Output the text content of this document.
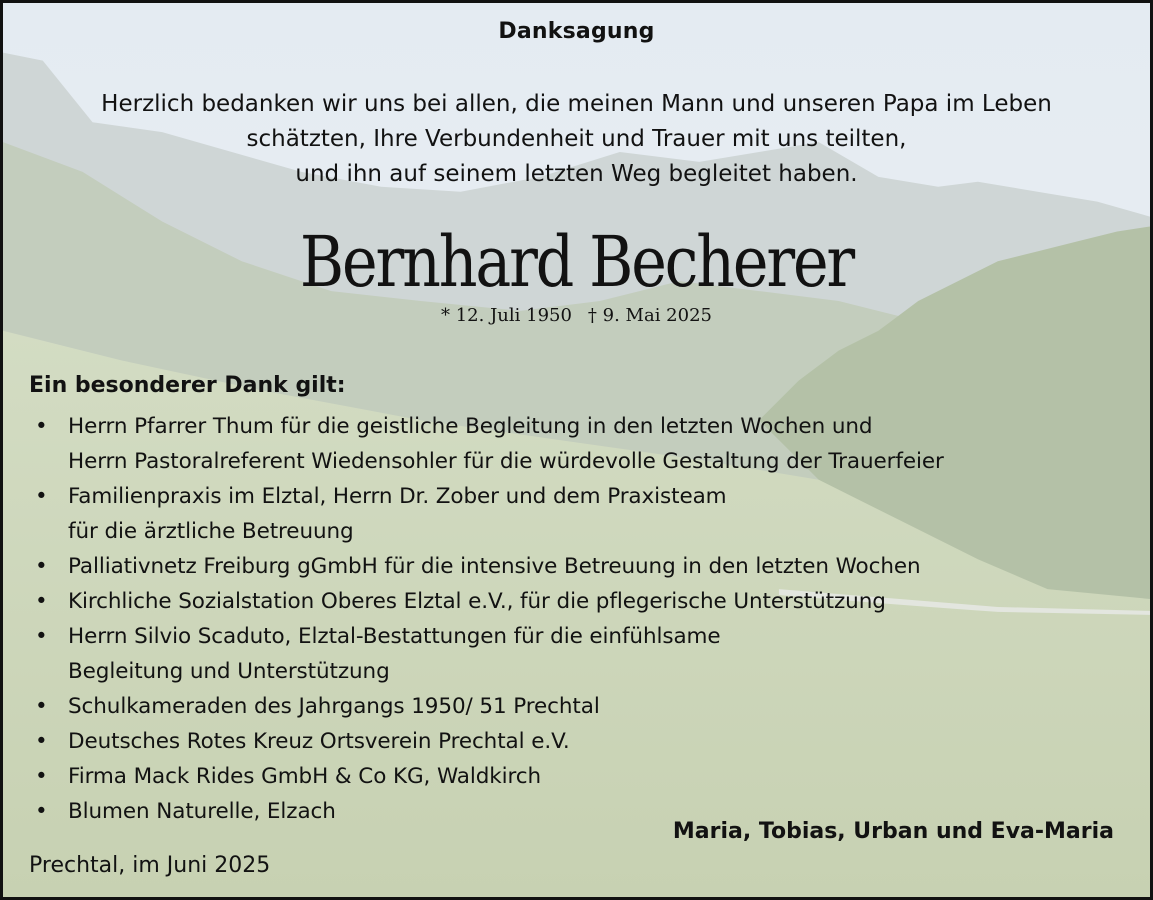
Danksagung
Herzlich bedanken wir uns bei allen, die meinen Mann und unseren Papa im Leben
schätzten, Ihre Verbundenheit und Trauer mit uns teilten,
und ihn auf seinem letzten Weg begleitet haben.
Bernhard Becherer
* 12. Juli 1950 † 9. Mai 2025
Ein besonderer Dank gilt:
• Herrn Pfarrer Thum für die geistliche Begleitung in den letzten Wochen und
Herrn Pastoralreferent Wiedensohler für die würdevolle Gestaltung der Trauerfeier
• Familienpraxis im Elztal, Herrn Dr. Zober und dem Praxisteam
für die ärztliche Betreuung
• Palliativnetz Freiburg gGmbH für die intensive Betreuung in den letzten Wochen
• Kirchliche Sozialstation Oberes Elztal e.V., für die pflegerische Unterstützung
• Herrn Silvio Scaduto, Elztal-Bestattungen für die einfühlsame
Begleitung und Unterstützung
• Schulkameraden des Jahrgangs 1950/ 51 Prechtal
• Deutsches Rotes Kreuz Ortsverein Prechtal e.V.
• Firma Mack Rides GmbH & Co KG, Waldkirch
• Blumen Naturelle, Elzach
Maria, Tobias, Urban und Eva-Maria
Prechtal, im Juni 2025
